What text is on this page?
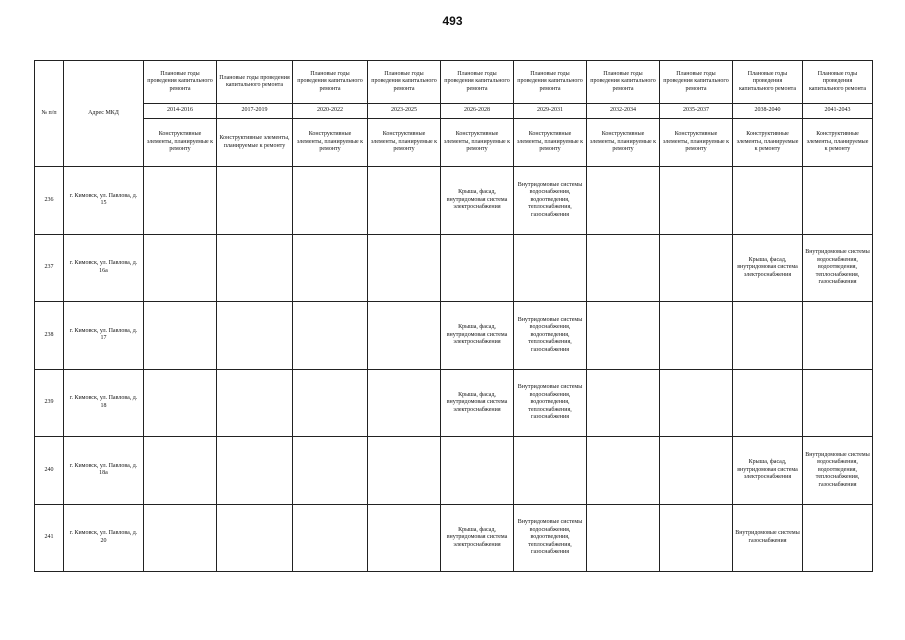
493
№ п/п	Адрес МКД	Плановые годы проведения капитального ремонта	Плановые годы проведения капитального ремонта	Плановые годы проведения капитального ремонта	Плановые годы проведения капитального ремонта	Плановые годы проведения капитального ремонта	Плановые годы проведения капитального ремонта	Плановые годы проведения капитального ремонта	Плановые годы проведения капитального ремонта	Плановые годы проведения капитального ремонта	Плановые годы проведения капитального ремонта
		2014-2016	2017-2019	2020-2022	2023-2025	2026-2028	2029-2031	2032-2034	2035-2037	2038-2040	2041-2043
		Конструктивные элементы, планируемые к ремонту	Конструктивные элементы, планируемые к ремонту	Конструктивные элементы, планируемые к ремонту	Конструктивные элементы, планируемые к ремонту	Конструктивные элементы, планируемые к ремонту	Конструктивные элементы, планируемые к ремонту	Конструктивные элементы, планируемые к ремонту	Конструктивные элементы, планируемые к ремонту	Конструктивные элементы, планируемые к ремонту	Конструктивные элементы, планируемые к ремонту
236	г. Кимовск, ул. Павлова, д. 15					Крыша, фасад, внутридомовая система электроснабжения	Внутридомовые системы водоснабжения, водоотведения, теплоснабжения, газоснабжения				
237	г. Кимовск, ул. Павлова, д. 16а									Крыша, фасад, внутридомовая система электроснабжения	Внутридомовые системы водоснабжения, водоотведения, теплоснабжения, газоснабжения
238	г. Кимовск, ул. Павлова, д. 17					Крыша, фасад, внутридомовая система электроснабжения	Внутридомовые системы водоснабжения, водоотведения, теплоснабжения, газоснабжения				
239	г. Кимовск, ул. Павлова, д. 18					Крыша, фасад, внутридомовая система электроснабжения	Внутридомовые системы водоснабжения, водоотведения, теплоснабжения, газоснабжения				
240	г. Кимовск, ул. Павлова, д. 18а									Крыша, фасад, внутридомовая система электроснабжения	Внутридомовые системы водоснабжения, водоотведения, теплоснабжения, газоснабжения
241	г. Кимовск, ул. Павлова, д. 20					Крыша, фасад, внутридомовая система электроснабжения	Внутридомовые системы водоснабжения, водоотведения, теплоснабжения, газоснабжения			Внутридомовые системы газоснабжения	
